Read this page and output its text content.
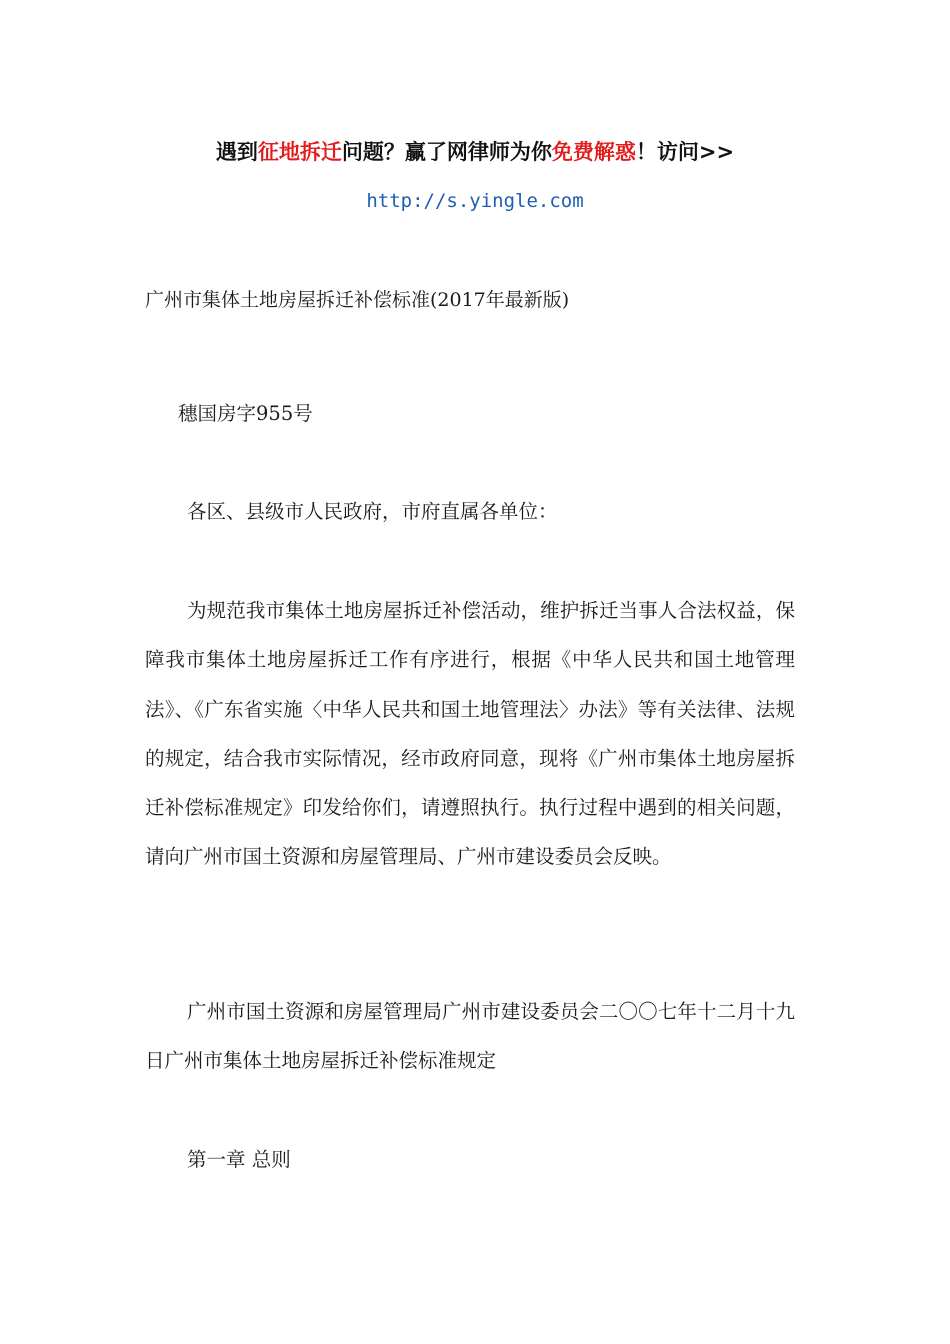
遇到征地拆迁问题？赢了网律师为你免费解惑！访问>>
http://s.yingle.com
广州市集体土地房屋拆迁补偿标准(2017年最新版)
穗国房字955号
各区、县级市人民政府，市府直属各单位：
为规范我市集体土地房屋拆迁补偿活动，维护拆迁当事人合法权益，保障我市集体土地房屋拆迁工作有序进行，根据《中华人民共和国土地管理法》、《广东省实施〈中华人民共和国土地管理法〉办法》等有关法律、法规的规定，结合我市实际情况，经市政府同意，现将《广州市集体土地房屋拆迁补偿标准规定》印发给你们，请遵照执行。执行过程中遇到的相关问题，请向广州市国土资源和房屋管理局、广州市建设委员会反映。
广州市国土资源和房屋管理局广州市建设委员会二〇〇七年十二月十九日广州市集体土地房屋拆迁补偿标准规定
第一章 总则
